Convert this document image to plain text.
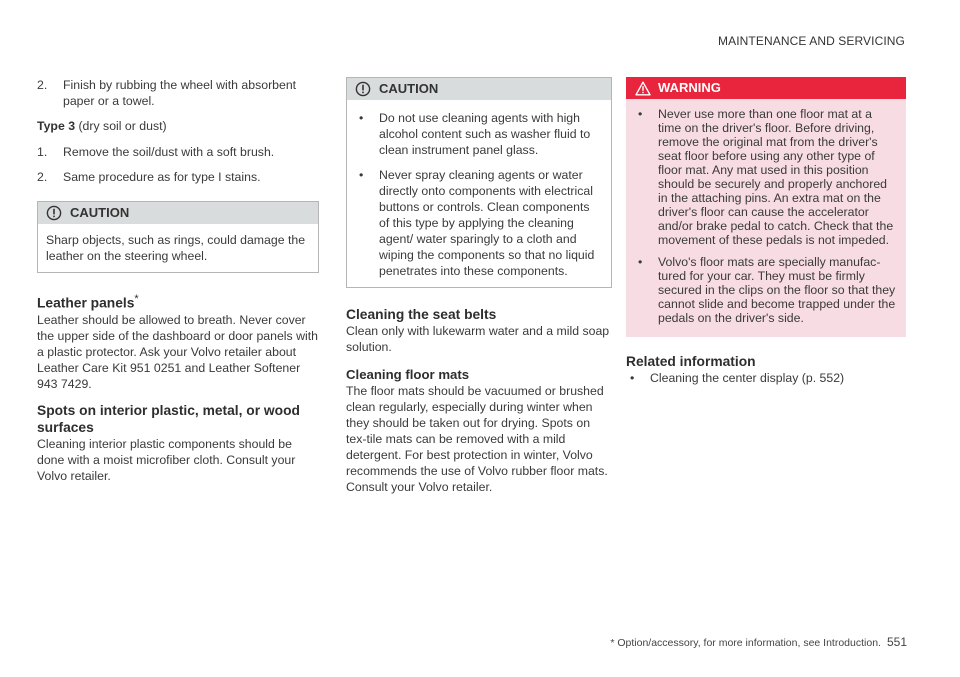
MAINTENANCE AND SERVICING
2.	Finish by rubbing the wheel with absorbent paper or a towel.

Type 3 (dry soil or dust)

1.	Remove the soil/dust with a soft brush.
2.	Same procedure as for type I stains.
CAUTION
Sharp objects, such as rings, could damage the leather on the steering wheel.
Leather panels*

Leather should be allowed to breath. Never cover the upper side of the dashboard or door panels with a plastic protector. Ask your Volvo retailer about Leather Care Kit 951 0251 and Leather Softener 943 7429.

Spots on interior plastic, metal, or wood surfaces

Cleaning interior plastic components should be done with a moist microfiber cloth. Consult your Volvo retailer.

CAUTION
•	Do not use cleaning agents with high alcohol content such as washer fluid to clean instrument panel glass.
•	Never spray cleaning agents or water directly onto components with electrical buttons or controls. Clean components of this type by applying the cleaning agent/ water sparingly to a cloth and wiping the components so that no liquid penetrates into these components.
Cleaning the seat belts

Clean only with lukewarm water and a mild soap solution.

Cleaning floor mats

The floor mats should be vacuumed or brushed clean regularly, especially during winter when they should be taken out for drying. Spots on tex-tile mats can be removed with a mild detergent. For best protection in winter, Volvo recommends the use of Volvo rubber floor mats. Consult your Volvo retailer.

WARNING
•	Never use more than one floor mat at a time on the driver's floor. Before driving, remove the original mat from the driver's seat floor before using any other type of floor mat. Any mat used in this position should be securely and properly anchored in the attaching pins. An extra mat on the driver's floor can cause the accelerator and/or brake pedal to catch. Check that the movement of these pedals is not impeded.
•	Volvo's floor mats are specially manufac-tured for your car. They must be firmly secured in the clips on the floor so that they cannot slide and become trapped under the pedals on the driver's side.
Related information
•	Cleaning the center display (p. 552)
* Option/accessory, for more information, see Introduction. 551
